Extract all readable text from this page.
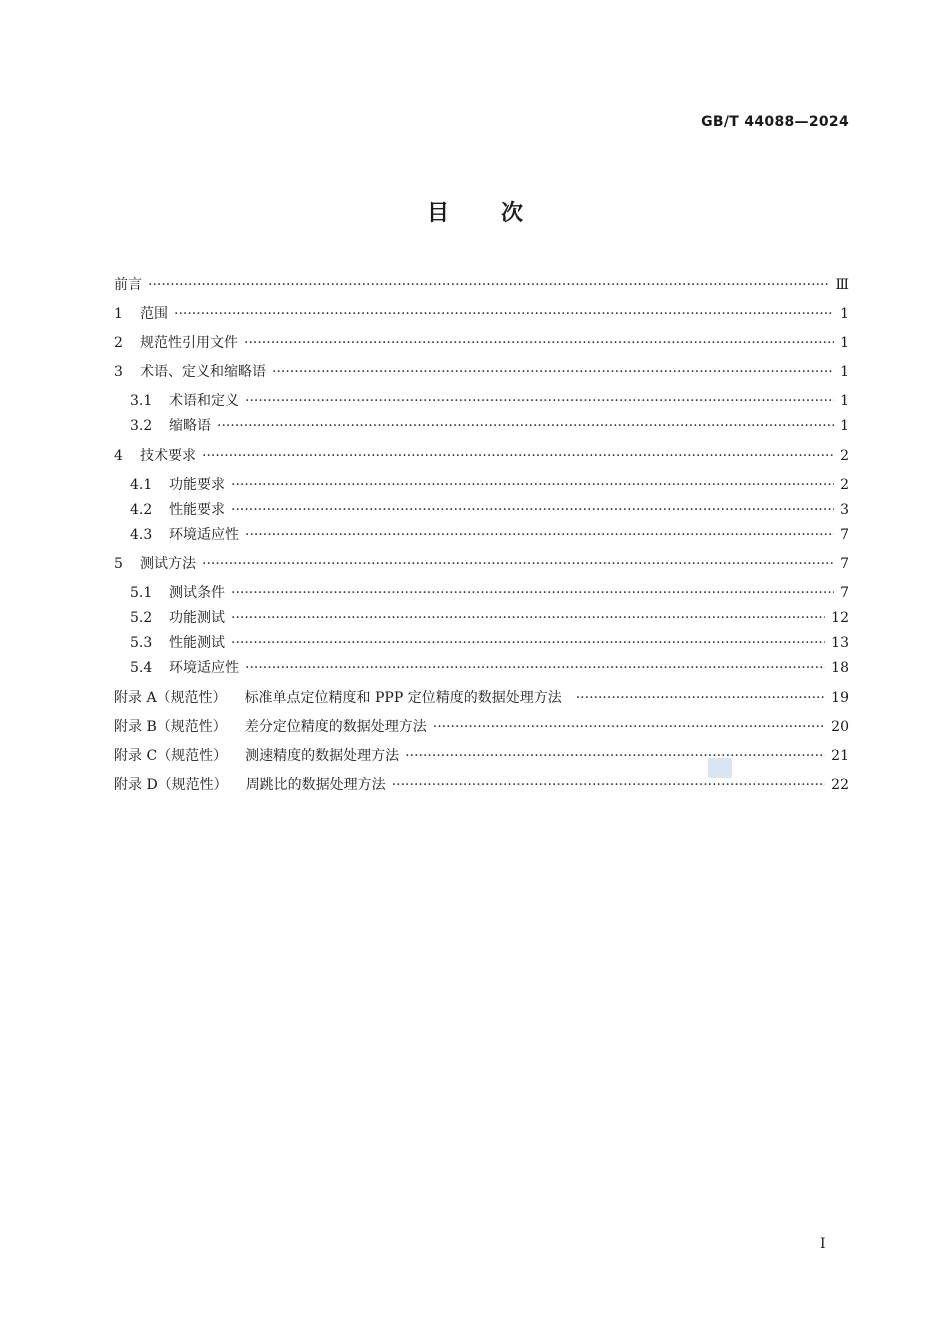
GB/T 44088—2024
目 次
前言 ·····	Ⅲ
1	范围 ·····	1
2	规范性引用文件 ·····	1
3	术语、定义和缩略语 ·····	1
3.1	术语和定义 ·····	1
3.2	缩略语 ·····	1
4	技术要求 ·····	2
4.1	功能要求 ·····	2
4.2	性能要求 ·····	3
4.3	环境适应性 ·····	7
5	测试方法 ·····	7
5.1	测试条件 ·····	7
5.2	功能测试 ·····	12
5.3	性能测试 ·····	13
5.4	环境适应性 ·····	18
附录 A（规范性） 标准单点定位精度和 PPP 定位精度的数据处理方法 ·····	19
附录 B（规范性） 差分定位精度的数据处理方法 ·····	20
附录 C（规范性） 测速精度的数据处理方法 ·····	21
附录 D（规范性） 周跳比的数据处理方法 ·····	22
I
